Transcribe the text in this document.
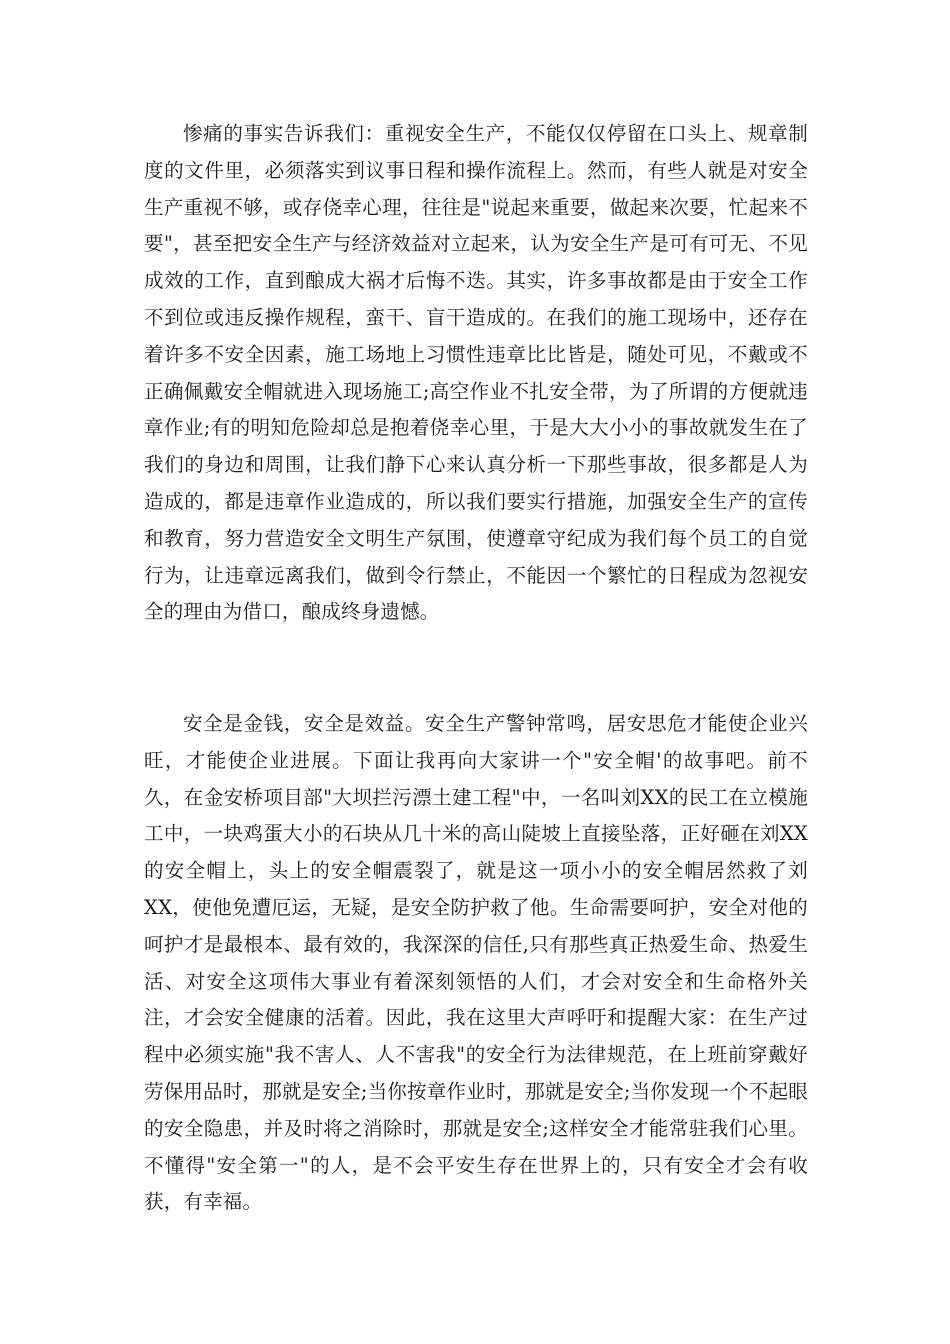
惨痛的事实告诉我们：重视安全生产，不能仅仅停留在口头上、规章制度的文件里，必须落实到议事日程和操作流程上。然而，有些人就是对安全生产重视不够，或存侥幸心理，往往是"说起来重要，做起来次要，忙起来不要"，甚至把安全生产与经济效益对立起来，认为安全生产是可有可无、不见成效的工作，直到酿成大祸才后悔不迭。其实，许多事故都是由于安全工作不到位或违反操作规程，蛮干、盲干造成的。在我们的施工现场中，还存在着许多不安全因素，施工场地上习惯性违章比比皆是，随处可见，不戴或不正确佩戴安全帽就进入现场施工;高空作业不扎安全带，为了所谓的方便就违章作业;有的明知危险却总是抱着侥幸心里，于是大大小小的事故就发生在了我们的身边和周围，让我们静下心来认真分析一下那些事故，很多都是人为造成的，都是违章作业造成的，所以我们要实行措施，加强安全生产的宣传和教育，努力营造安全文明生产氛围，使遵章守纪成为我们每个员工的自觉行为，让违章远离我们，做到令行禁止，不能因一个繁忙的日程成为忽视安全的理由为借口，酿成终身遗憾。

安全是金钱，安全是效益。安全生产警钟常鸣，居安思危才能使企业兴旺，才能使企业进展。下面让我再向大家讲一个"安全帽'的故事吧。前不久，在金安桥项目部"大坝拦污漂土建工程"中，一名叫刘XX的民工在立模施工中，一块鸡蛋大小的石块从几十米的高山陡坡上直接坠落，正好砸在刘XX的安全帽上，头上的安全帽震裂了，就是这一项小小的安全帽居然救了刘XX，使他免遭厄运，无疑，是安全防护救了他。生命需要呵护，安全对他的呵护才是最根本、最有效的，我深深的信任,只有那些真正热爱生命、热爱生活、对安全这项伟大事业有着深刻领悟的人们，才会对安全和生命格外关注，才会安全健康的活着。因此，我在这里大声呼吁和提醒大家：在生产过程中必须实施"我不害人、人不害我"的安全行为法律规范，在上班前穿戴好劳保用品时，那就是安全;当你按章作业时，那就是安全;当你发现一个不起眼的安全隐患，并及时将之消除时，那就是安全;这样安全才能常驻我们心里。不懂得"安全第一"的人，是不会平安生存在世界上的，只有安全才会有收获，有幸福。
